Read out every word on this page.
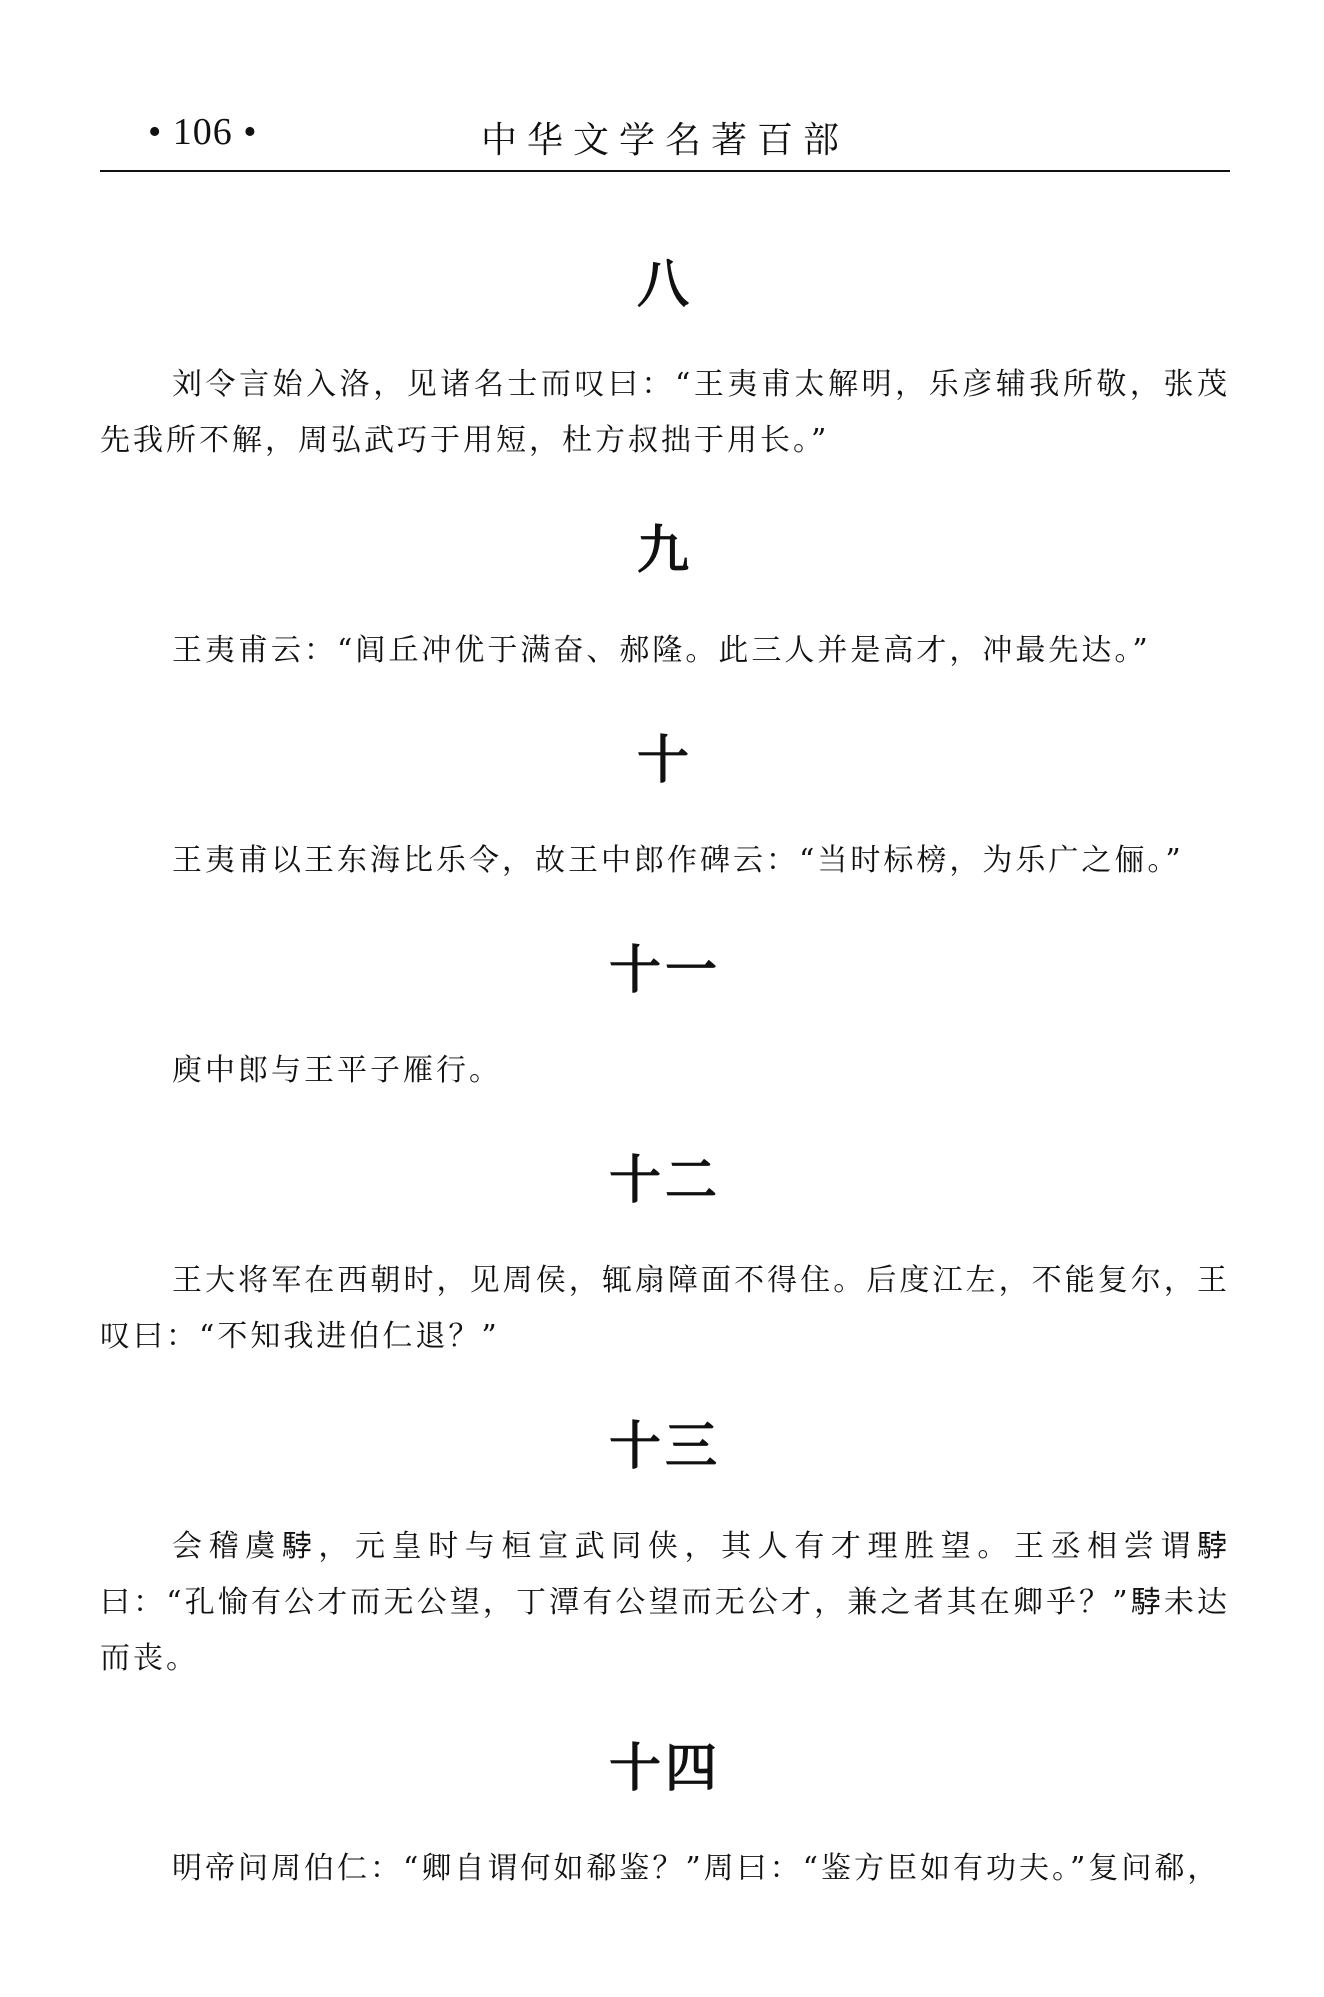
• 106 •	中华文学名著百部
八

刘令言始入洛，见诸名士而叹曰：“王夷甫太解明，乐彦辅我所敬，张茂先我所不解，周弘武巧于用短，杜方叔拙于用长。”

九

王夷甫云：“闾丘冲优于满奋、郝隆。此三人并是高才，冲最先达。”

十

王夷甫以王东海比乐令，故王中郎作碑云：“当时标榜，为乐广之俪。”

十一

庾中郎与王平子雁行。

十二

王大将军在西朝时，见周侯，辄扇障面不得住。后度江左，不能复尔，王叹曰：“不知我进伯仁退？”

十三

会稽虞𩣡，元皇时与桓宣武同侠，其人有才理胜望。王丞相尝谓𩣡曰：“孔愉有公才而无公望，丁潭有公望而无公才，兼之者其在卿乎？”𩣡未达而丧。

十四

明帝问周伯仁：“卿自谓何如郗鉴？”周曰：“鉴方臣如有功夫。”复问郗，
